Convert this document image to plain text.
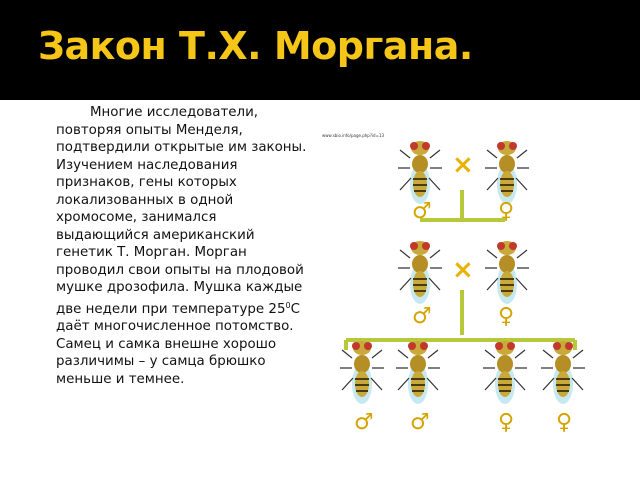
Закон Т.Х. Моргана.

Многие исследователи, повторяя опыты Менделя, подтвердили открытые им законы. Изучением наследования признаков, гены которых локализованных в одной хромосоме, занимался выдающийся американский генетик Т. Морган. Морган проводил свои опыты на плодовой мушке дрозофила. Мушка каждые две недели при температуре $25^0С$ даёт многочисленное потомство. Самец и самка внешне хорошо различимы – у самца брюшко меньше и темнее.

www.sbio.info/page.php?id=13
×
♂	♀
×
♂	♀
♂ ♂	♀ ♀
